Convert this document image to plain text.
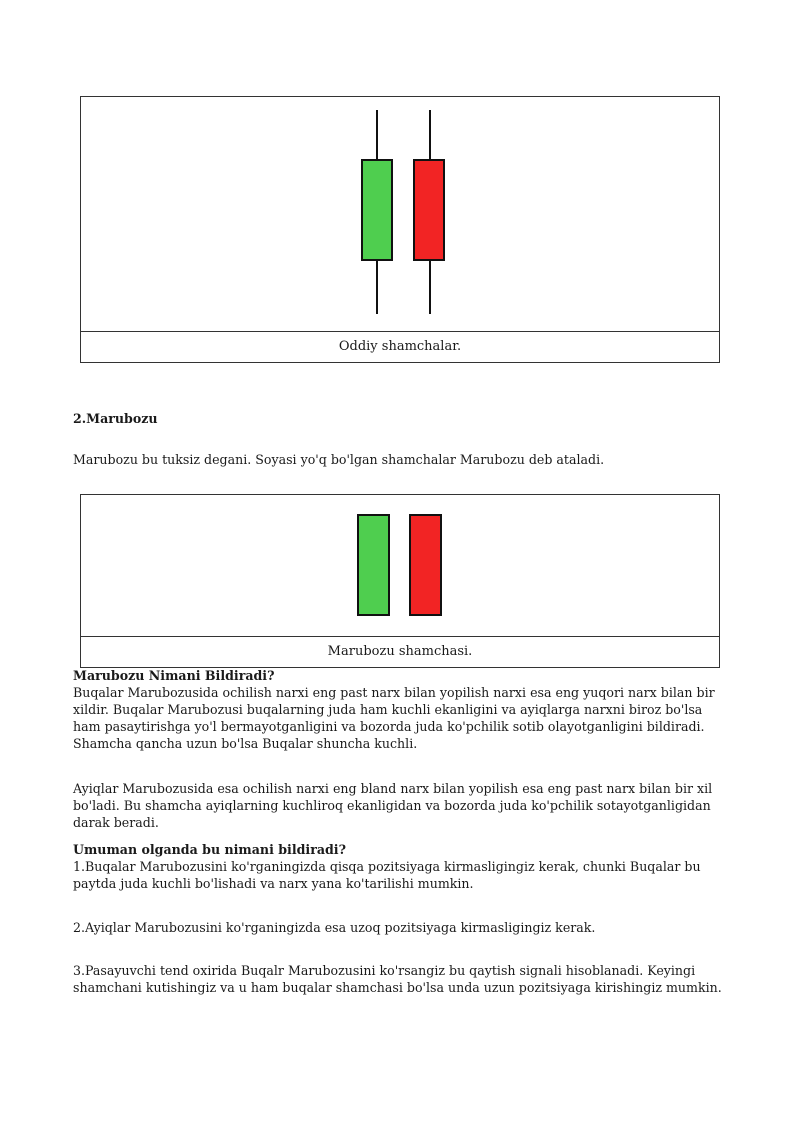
Oddiy shamchalar.
2.Marubozu
Marubozu bu tuksiz degani. Soyasi yo'q bo'lgan shamchalar Marubozu deb ataladi.
Marubozu shamchasi.

Marubozu Nimani Bildiradi?

Buqalar Marubozusida ochilish narxi eng past narx bilan yopilish narxi esa eng yuqori narx bilan bir xildir. Buqalar Marubozusi buqalarning juda ham kuchli ekanligini va ayiqlarga narxni biroz bo'lsa ham pasaytirishga yo'l bermayotganligini va bozorda juda ko'pchilik sotib olayotganligini bildiradi. Shamcha qancha uzun bo'lsa Buqalar shuncha kuchli.

Ayiqlar Marubozusida esa ochilish narxi eng bland narx bilan yopilish esa eng past narx bilan bir xil bo'ladi. Bu shamcha ayiqlarning kuchliroq ekanligidan va bozorda juda ko'pchilik sotayotganligidan darak beradi.

Umuman olganda bu nimani bildiradi?

1.Buqalar Marubozusini ko'rganingizda qisqa pozitsiyaga kirmasligingiz kerak, chunki Buqalar bu paytda juda kuchli bo'lishadi va narx yana ko'tarilishi mumkin.

2.Ayiqlar Marubozusini ko'rganingizda esa uzoq pozitsiyaga kirmasligingiz kerak.
3.Pasayuvchi tend oxirida Buqalr Marubozusini ko'rsangiz bu qaytish signali hisoblanadi. Keyingi shamchani kutishingiz va u ham buqalar shamchasi bo'lsa unda uzun pozitsiyaga kirishingiz mumkin.
